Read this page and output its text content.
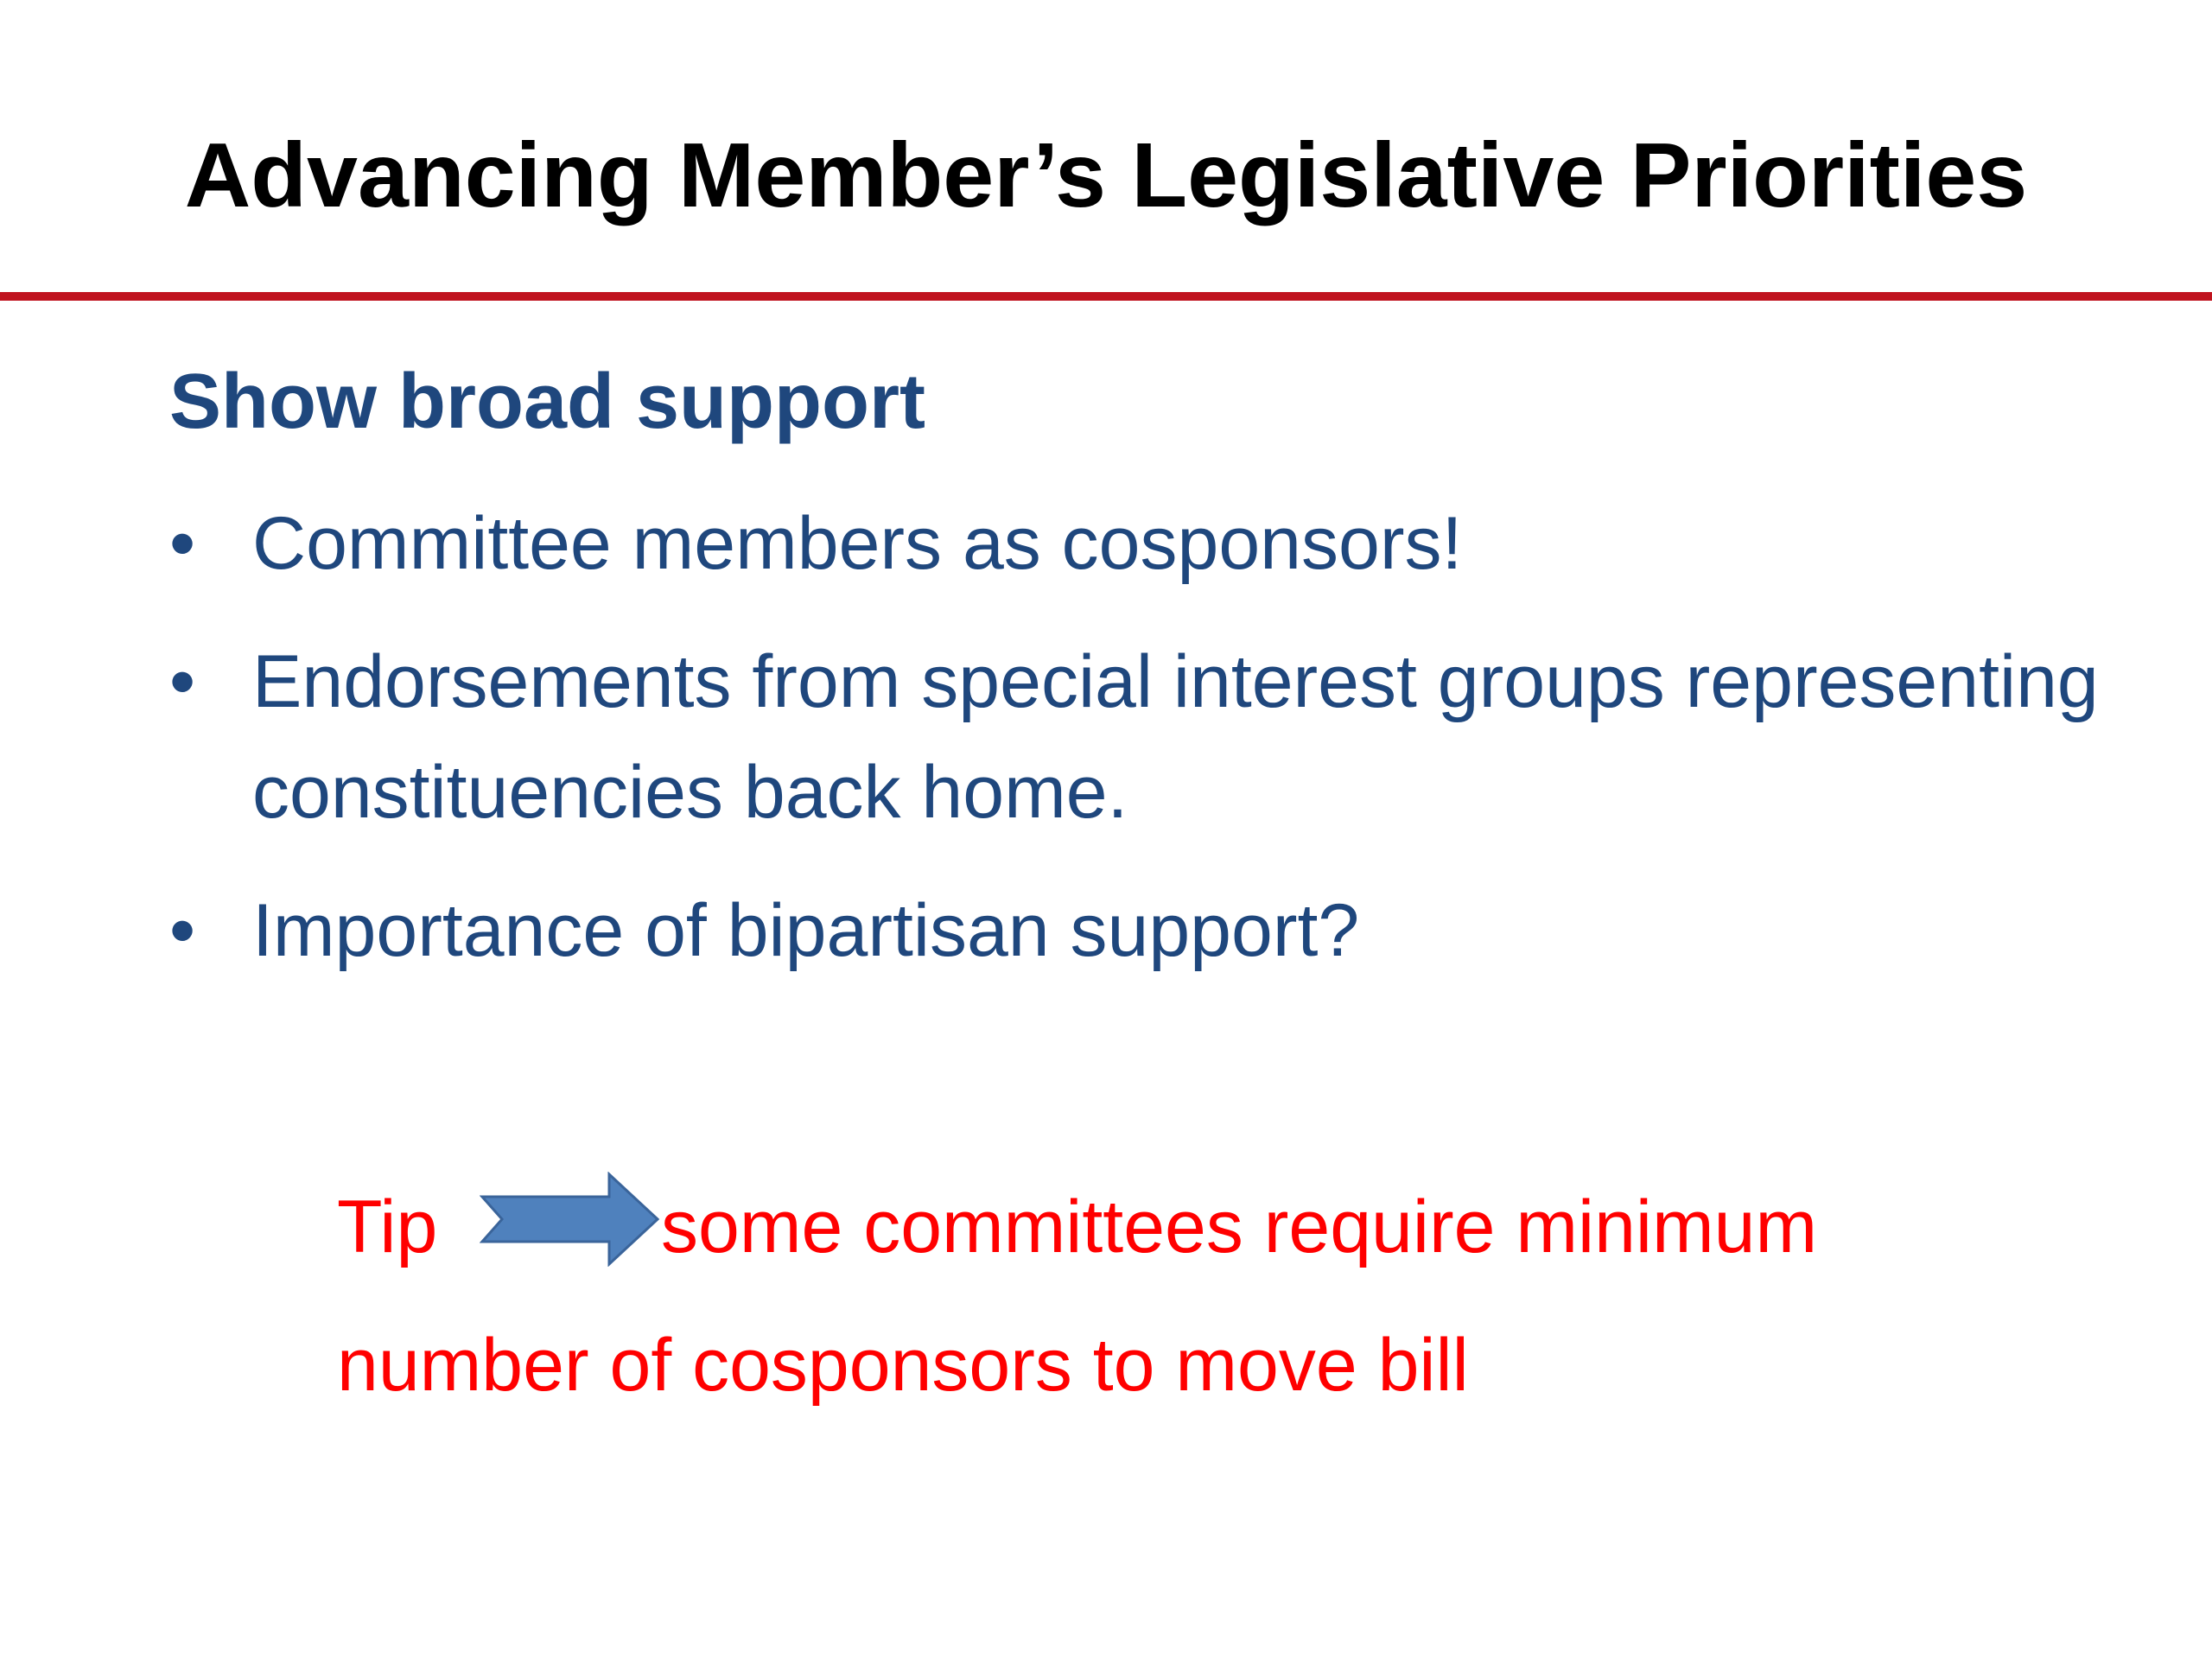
Advancing Member’s Legislative Priorities
Show broad support
• Committee members as cosponsors!
• Endorsements from special interest groups representing constituencies back home.
• Importance of bipartisan support?
Tip	some committees require minimum
number of cosponsors to move bill
